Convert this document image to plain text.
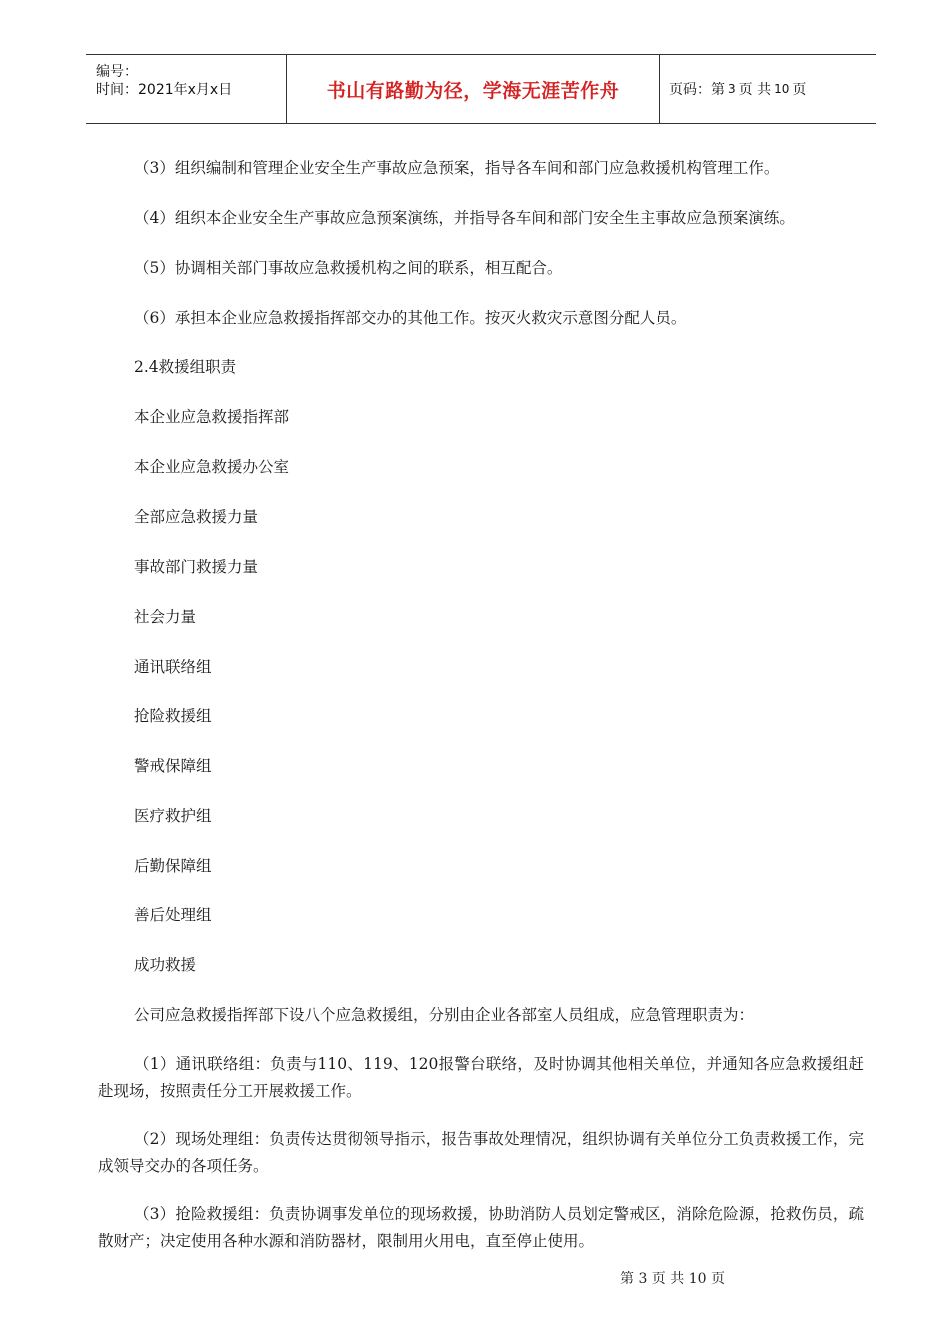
编号：
时间：2021年x月x日	书山有路勤为径，学海无涯苦作舟	页码：第 3 页 共 10 页
（3）组织编制和管理企业安全生产事故应急预案，指导各车间和部门应急救援机构管理工作。
（4）组织本企业安全生产事故应急预案演练，并指导各车间和部门安全生主事故应急预案演练。
（5）协调相关部门事故应急救援机构之间的联系，相互配合。
（6）承担本企业应急救援指挥部交办的其他工作。按灭火救灾示意图分配人员。
2.4救援组职责
本企业应急救援指挥部
本企业应急救援办公室
全部应急救援力量
事故部门救援力量
社会力量
通讯联络组
抢险救援组
警戒保障组
医疗救护组
后勤保障组
善后处理组
成功救援
公司应急救援指挥部下设八个应急救援组，分别由企业各部室人员组成，应急管理职责为：
（1）通讯联络组：负责与110、119、120报警台联络，及时协调其他相关单位，并通知各应急救援组赶赴现场，按照责任分工开展救援工作。
（2）现场处理组：负责传达贯彻领导指示，报告事故处理情况，组织协调有关单位分工负责救援工作，完成领导交办的各项任务。
（3）抢险救援组：负责协调事发单位的现场救援，协助消防人员划定警戒区，消除危险源，抢救伤员，疏散财产；决定使用各种水源和消防器材，限制用火用电，直至停止使用。
第 3 页 共 10 页
